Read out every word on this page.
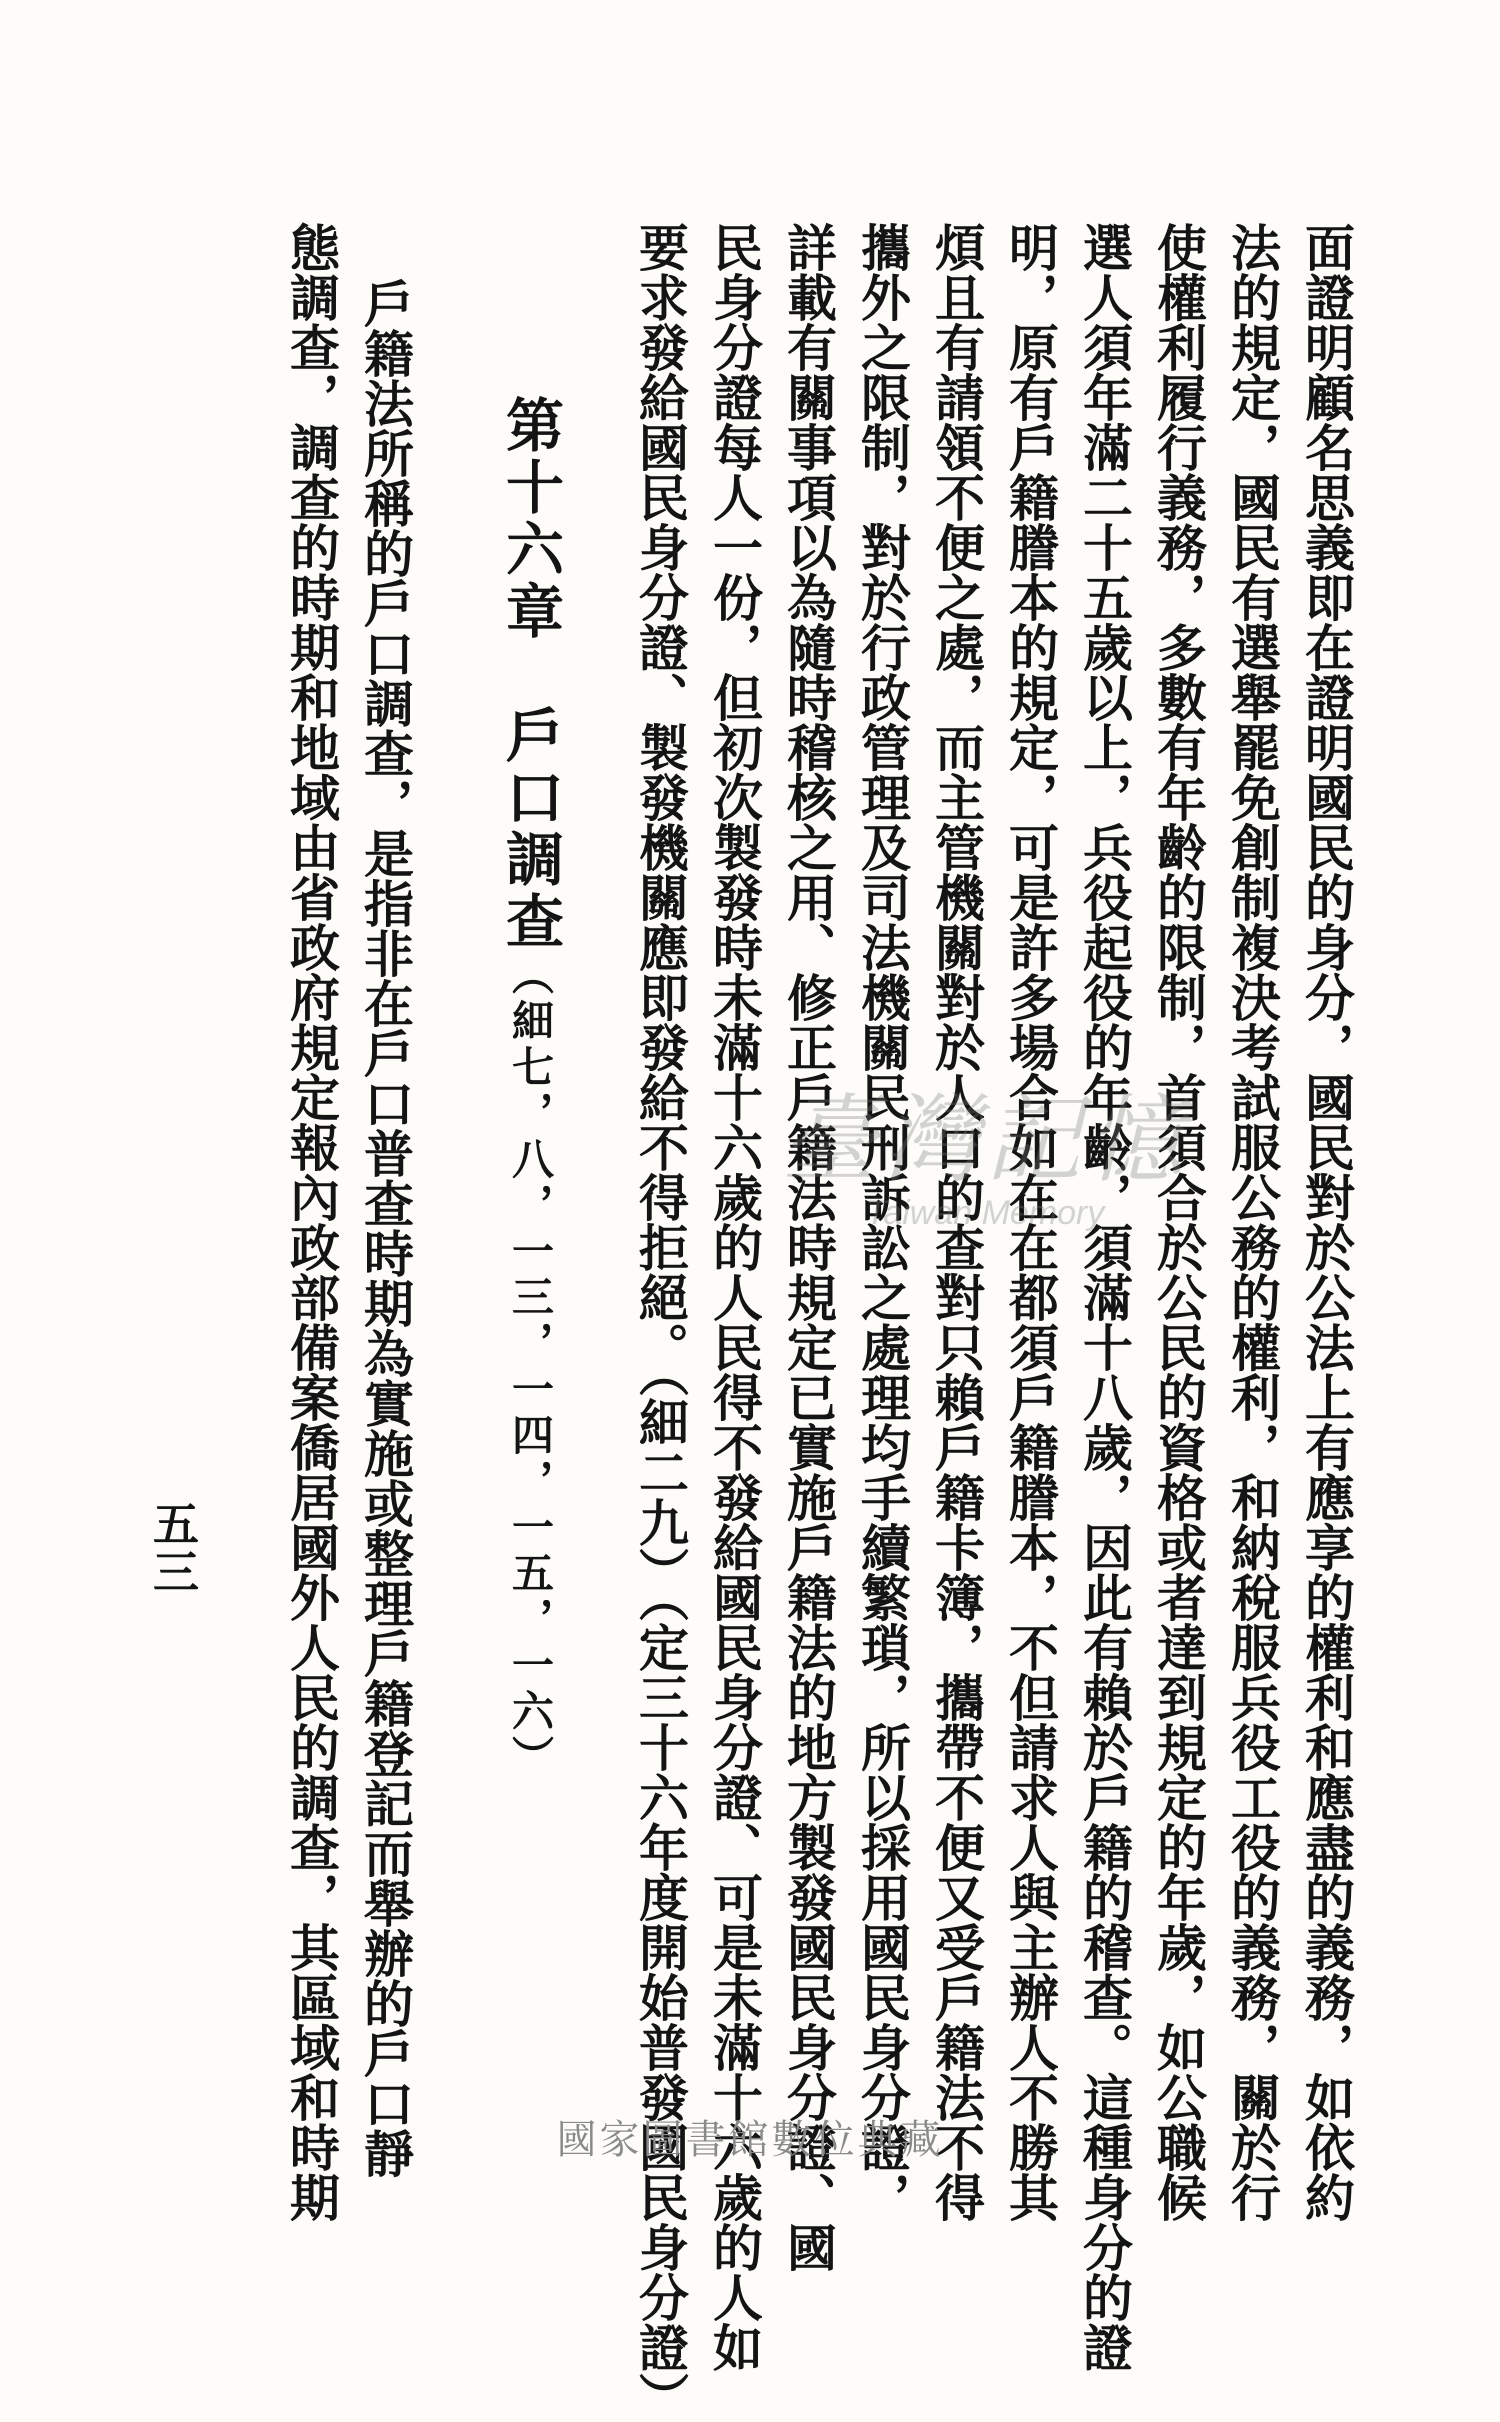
面證明顧名思義即在證明國民的身分，國民對於公法上有應享的權利和應盡的義務，如依約
法的規定，國民有選舉罷免創制複決考試服公務的權利，和納稅服兵役工役的義務，關於行
使權利履行義務，多數有年齡的限制，首須合於公民的資格或者達到規定的年歲，如公職候
選人須年滿二十五歲以上，兵役起役的年齡，須滿十八歲，因此有賴於戶籍的稽查。這種身分的證
明，原有戶籍謄本的規定，可是許多場合如在在都須戶籍謄本，不但請求人與主辦人不勝其
煩且有請領不便之處，而主管機關對於人口的查對只賴戶籍卡簿，攜帶不便又受戶籍法不得
攜外之限制，對於行政管理及司法機關民刑訴訟之處理均手續繁瑣，所以採用國民身分證，
詳載有關事項以為隨時稽核之用、修正戶籍法時規定已實施戶籍法的地方製發國民身分證、國
民身分證每人一份，但初次製發時未滿十六歲的人民得不發給國民身分證、可是未滿十六歲的人如
要求發給國民身分證、製發機關應即發給不得拒絕。（細二九）（定三十六年度開始普發國民身分證）
第十六章　戶口調查（細七，八，一三，一四，一五，一六）
戶籍法所稱的戶口調查，是指非在戶口普查時期為實施或整理戶籍登記而舉辦的戶口靜
態調查，調查的時期和地域由省政府規定報內政部備案僑居國外人民的調查，其區域和時期
五三
臺灣記憶
Taiwan Memory
國家圖書館數位典藏
